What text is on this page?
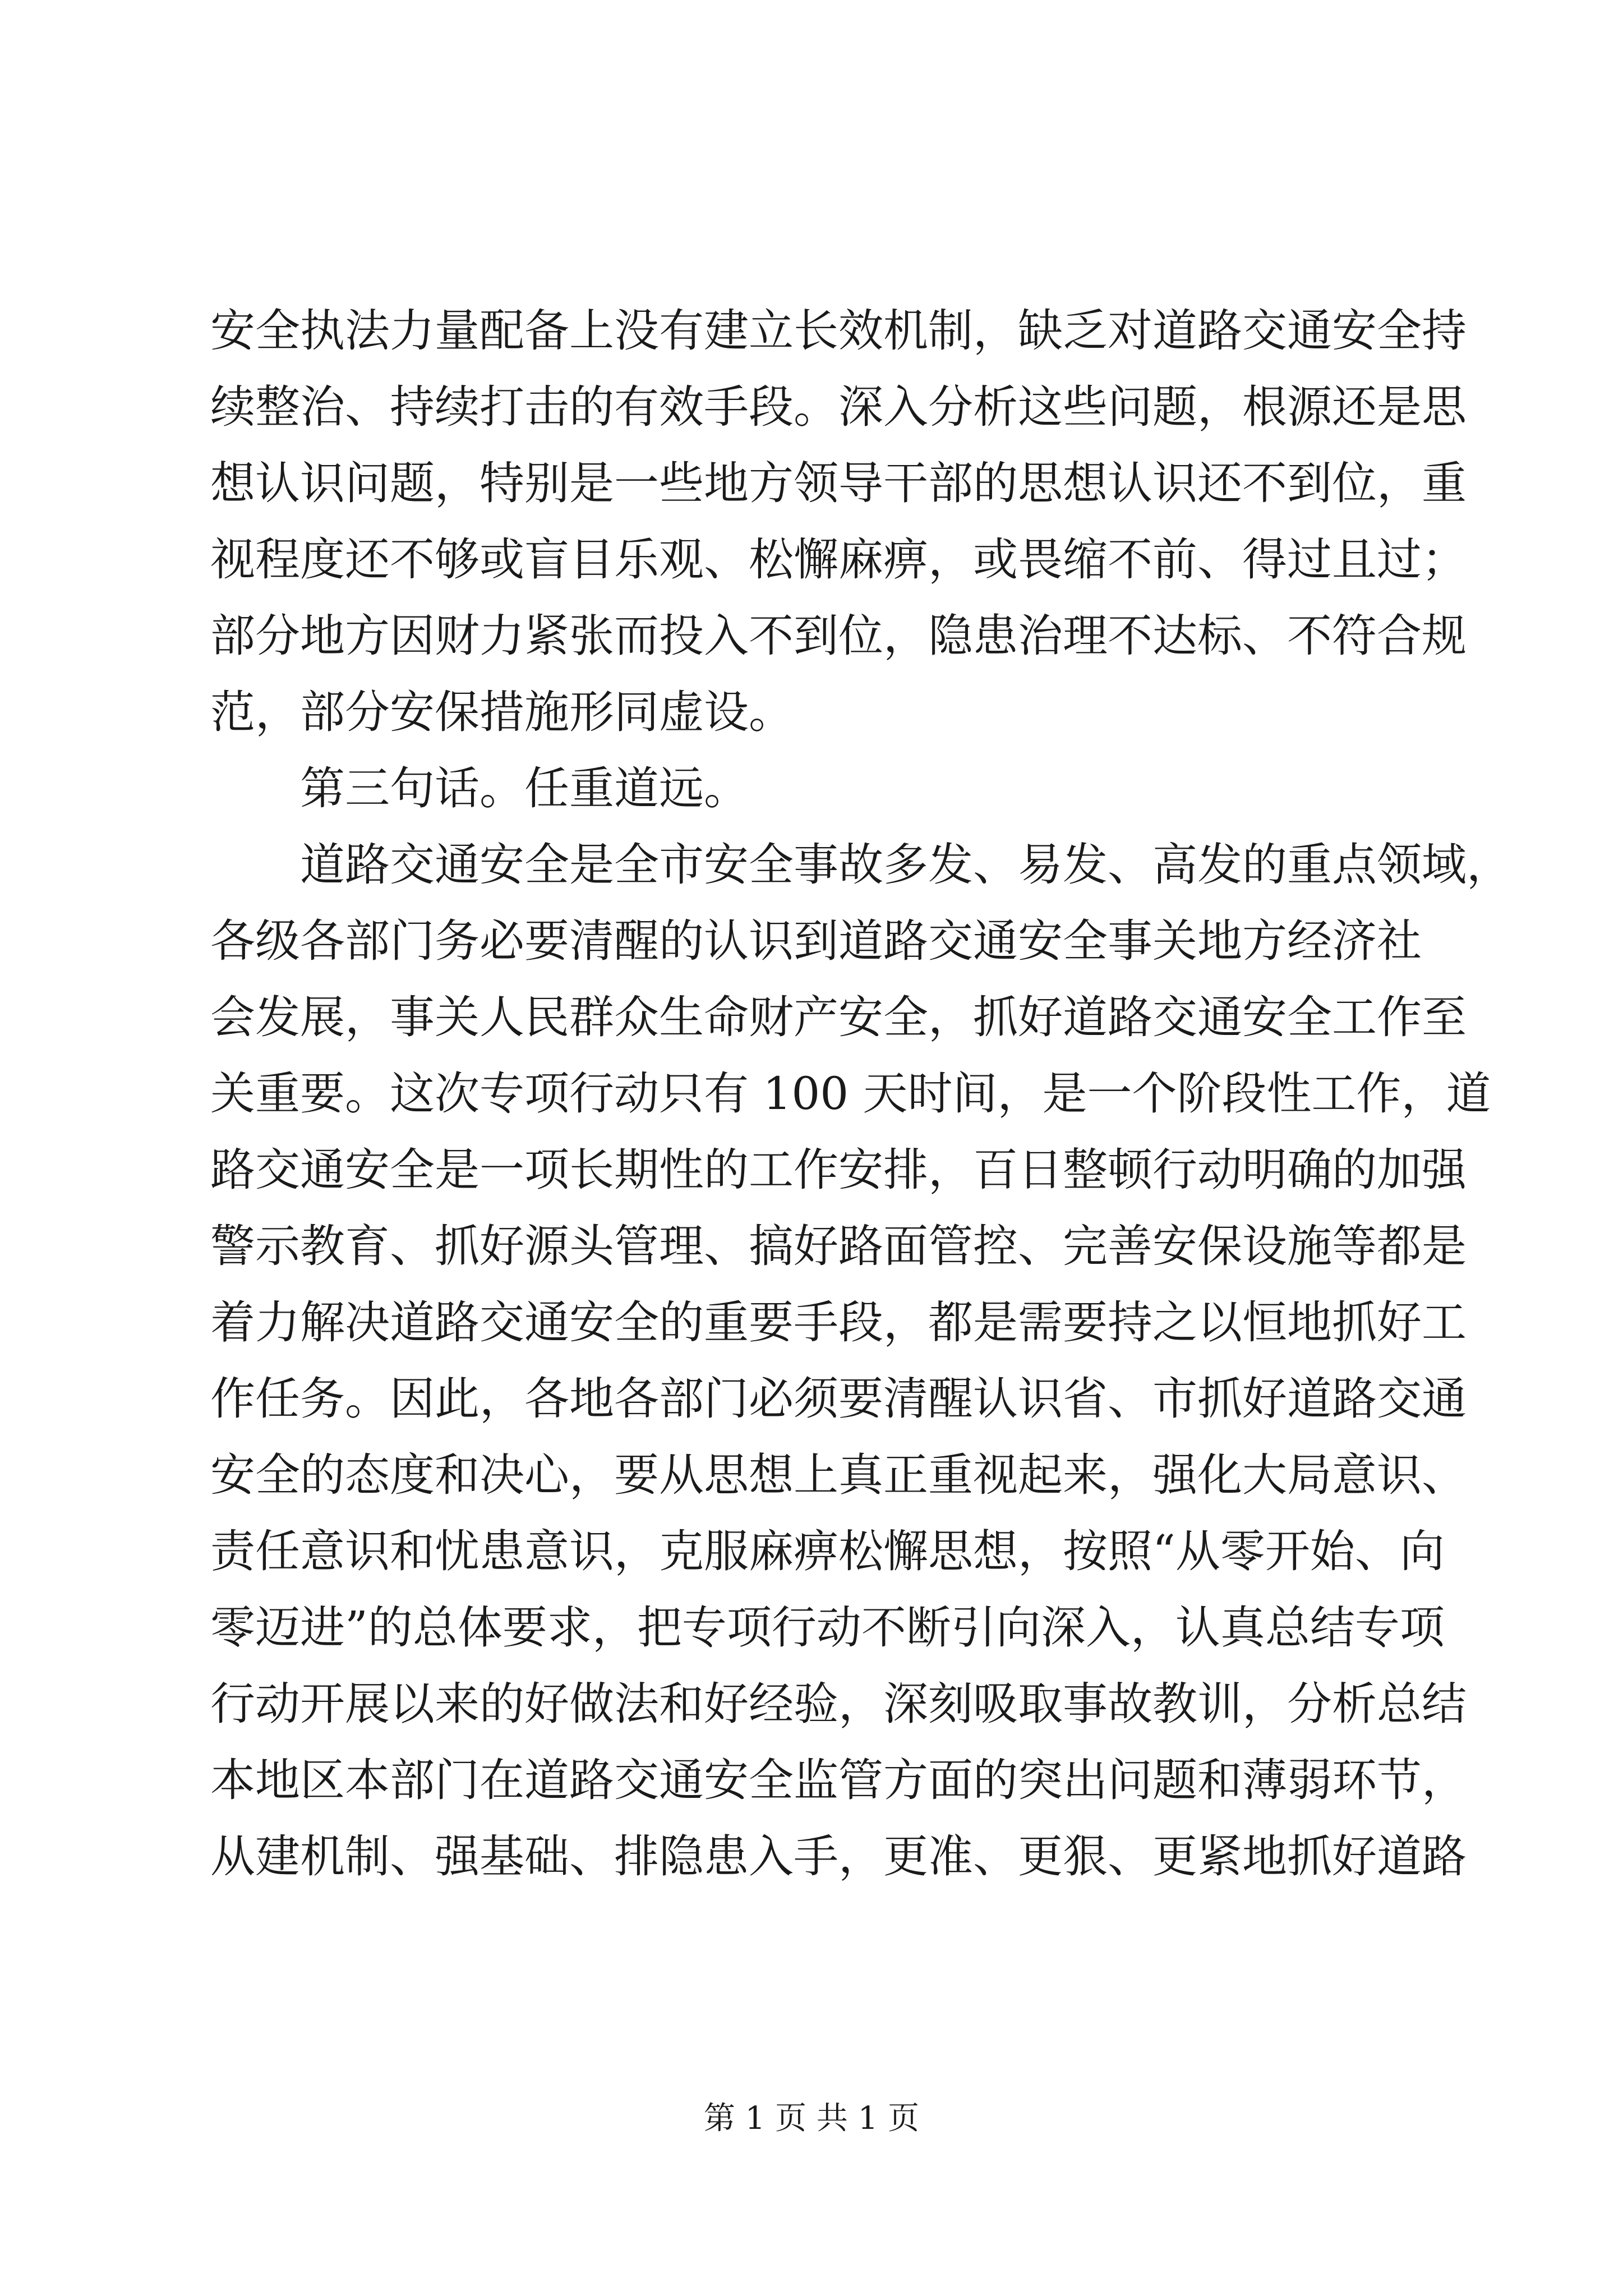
安全执法力量配备上没有建立长效机制，缺乏对道路交通安全持
续整治、持续打击的有效手段。深入分析这些问题，根源还是思
想认识问题，特别是一些地方领导干部的思想认识还不到位，重
视程度还不够或盲目乐观、松懈麻痹，或畏缩不前、得过且过；
部分地方因财力紧张而投入不到位，隐患治理不达标、不符合规
范，部分安保措施形同虚设。
　　第三句话。任重道远。
　　道路交通安全是全市安全事故多发、易发、高发的重点领域，
各级各部门务必要清醒的认识到道路交通安全事关地方经济社
会发展，事关人民群众生命财产安全，抓好道路交通安全工作至
关重要。这次专项行动只有 100 天时间，是一个阶段性工作，道
路交通安全是一项长期性的工作安排，百日整顿行动明确的加强
警示教育、抓好源头管理、搞好路面管控、完善安保设施等都是
着力解决道路交通安全的重要手段，都是需要持之以恒地抓好工
作任务。因此，各地各部门必须要清醒认识省、市抓好道路交通
安全的态度和决心，要从思想上真正重视起来，强化大局意识、
责任意识和忧患意识，克服麻痹松懈思想，按照“从零开始、向
零迈进”的总体要求，把专项行动不断引向深入，认真总结专项
行动开展以来的好做法和好经验，深刻吸取事故教训，分析总结
本地区本部门在道路交通安全监管方面的突出问题和薄弱环节，
从建机制、强基础、排隐患入手，更准、更狠、更紧地抓好道路
第 1 页 共 1 页
